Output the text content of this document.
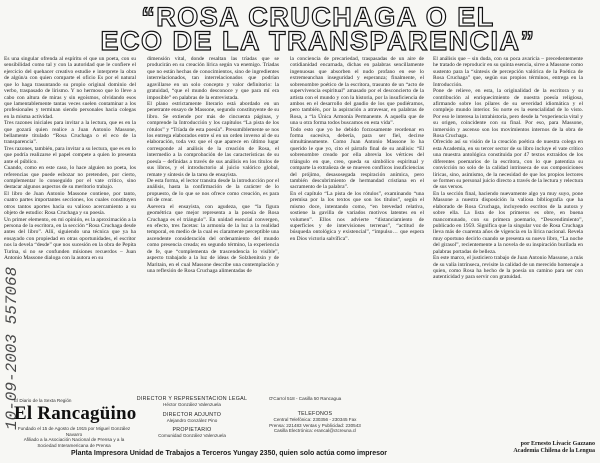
“ROSA CRUCHAGA O EL
ECO DE LA TRANSPARENCIA”

Es una singular ofrenda al espíritu el que un poeta, con su sensibilidad como tal y con la autoridad que le confiere el ejercicio del quehacer creativo estudie e interprete la obra de algún/a con quien comparte el oficio Es por el natural que lo haga trasuntando su propio original dominio del verbo, traspasado de lirismo. Y no hermoso que lo lleve a cabo con altura de miras y sin egoísmos, olvidando esos que lamentablemente tantas veces suelen contaminar a los profesionales y terminan siendo personales hacia colegas en la misma actividad.
Tres razones iniciales para invitar a la lectura, que es en la que gozará quien realice a Juan Antonio Massone, bellamente titulado “Rosa Cruchaga o el eco de la transparencia”.
Tres razones, también, para invitar a su lectura, que es en lo que podría realizarse el papel compete a quien lo presenta ante el público.
Cuando, como en este caso, lo hace alguien no poeta, los referencias que puede esbozar no pretenden, por cierto, complementar lo conseguido por el vate crítico, sino destacar algunos aspectos de su meritorio trabajo.
El libro de Juan Antonio Massone contiene, por tanto, cuatro partes importantes secciones, los cuales constituyen otros tantos aportes hacia su valioso acercamiento a su objeto de estudio: Rosa Cruchaga y su poesía.
Un primer elemento, en mi opinión, es la aproximación a la persona de la escritora, en la sección “Rosa Cruchaga desde antes del libro”. Allí, siguiendo una técnica que ya ha ensayado con propiedad en otras oportunidades, el escritor nos la devela “desde” que nos sucesión en la obra de Pepita Turina, si no se confunden mísiones recuerdos – Juan Antonio Massone dialoga con la autora en su

dimensión vital, donde resaltan las tríadas que se producirán en su creación lírica según va enemigo. Tríadas que no están hechas de conocimientos, sino de ingredientes interrelacionados, tan interrelacionados que podrían agavillarse en un solo concepto y valor definitorio: la gratuidad, “que el mundo desconoce y que para mí era imposible” en palabras de la entrevistada.
El plano estrictamente literario está abordado en un penetrante ensayo de Massone, segundo constituyente de su libro. Se extiende por más de cincuenta páginas, y comprende la Introducción y los capítulos “La pista de los rótulos” y “Tríada de esta poesía”. Presumiblemente se nos los entrega elaborados entre sí en un orden inverso al de su elaboración, toda vez que el que aparece en último lugar corresponde al análisis de la creación de Rosa, el intermedio a la comprobación de las características de su poesía – definidas a través de sus análisis en los títulos de sus libros, y el introductorio al juicio valórico global, remate y síntesis de la tarea de ensayista.
De esta forma, el lector transita desde la introducción por el análisis, hasta la confirmación de la carácter de lo propuesto, de lo que se nos ofrece como creación, es para mí de crear.
Asevera el ensayista, con agudeza, que “la figura geométrica que mejor representa a la poesía de Rosa Cruchaga es el triángulo”. En unidad esencial convergen, en efecto, tres facetas: la armonía de la luz a la realidad temporal, en medio de la cual es claramente perceptible una ascendente consideración del ordenamiento del mundo como presencia creada; en segundo término, la experiencia de fe, que “complementa de trascendencia lo visible”, aspecto trabajado a la luz de ideas de Solzhenitsin y de Maritain, en el cual Massone describe una contemplación y una reflexión de Rosa Cruchaga alimentadas de

la conciencia de precariedad, traspasadas de un aire de cotidianidad encarnada, dichas en palabras sencillamente ingenuosas que absorben el nudo profano en ese lo extremeanchan inseguridad y esperanza; finalmente, el sobrenombre poético de la escritora, trasunto de un “acto de supervivencia espiritual” amasado por el desconcierto de la artista con el mundo y con la historia, por la insuficiencia de ambos en el desarrollo del gaudio de los que pudiéramos, pero también, por la aspiración a atravesar, en palabras de Rosa, a “la Única Armonía Permanente. A aquella que de una u otra forma todos buscamos en esta vida”.
Todo esto que yo he debido forzosamente reordenar en forma sucesiva, debería, para ser fiel, decirse simultáneamente. Como Juan Antonio Massone lo ha querido le que yo, cito el párrafo final de su análisis: “El sobrenombre creado por ella abrevia los vértices del triángulo en que, creo, queda su simbólico espiritual y comparte la extrañeza de se mueven conflicos insuficiencias del prójimo, desasosegada respiración anímica, pero también descubrimiento de hermandad cristiana en el sacramento de la palabra”.
En el capítulo “La pista de los rótulos”, examinando “una premisa por la los textos que son los títulos”, según el mismo doce, intentando como, “en brevedad relativa, sostiene la gavilla de variados motivos latentes en el volumen”. Ellos nos advierte “distanciamiento de superficies y de intervisiones terrenas”, “actitud de búsqueda ontológica y existencial”, “impulso… que espera en Dios victoria salvífica”.

El análisis que – sin duda, con su poca avaricia – precedentemente he tratado de reproducir en su quinta esencia, sirve a Massone como sustento para la “síntesis de percepción valórica de la Poética de Rosa Cruchaga” que, según sus propios términos, entrega en la Introducción.
Pone de relieve, en esta, la originalidad de la escritora y su contribución al enriquecimiento de nuestra poesía religiosa, afirmando sobre los pilares de su severidad idiomática y el complejo mundo interior. Su norte es la esencialidad de lo visto. Por eso le interesa la intrahistoria, pero desde la “experiencia vital y su origen, coincidente con su final. Por eso, para Massone, inmersión y ascenso son los movimientos internos de la obra de Rosa Cruchaga.
Ofrecido así su visión de la creación poética de nuestra colega en esta Academia, en su tercer sector de su libro incluye el vate crítico una muestra antológica constituida por 47 textos extraídos de los diferentes poemarios de la escritora, con lo que patentiza su convicción no solo de la calidad intrínseca de sus composiciones líricas, sino, asimismo, de la necesidad de que los propios lectores se formen su personal juicio directo a través de la lectura y relectura de sus versos.
En la sección final, haciendo nuevamente algo ya muy suyo, pone Massone a nuestra disposición la valiosa bibliografía que ha elaborado de Rosa Cruchaga, incluyendo escritos de la autora y sobre ella. La lista de los primeros es obre, en buena mancomunado, con su primera poemario, “Descendimiento”, publicado en 1959. Significa que la singular voz de Rosa Cruchaga lleva más de cuarenta años de vigencia en la lírica nacional. Revela muy oportuno decirlo cuando se presenta su nuevo libro, “La noche del girasol”, recientemente a la novela de su inspiración burilada en palabras portadas de belleza.
En este marco, el justiciero trabajo de Juan Antonio Massone, a más de su valía intrínseca, revisite la calidad de un merecido homenaje a quien, como Rosa ha hecho de la poesía un camino para ser con autenticidad y para servir con gratuidad.

10-09-2003 557068

El Diario de la Sexta Región

El Rancagüino

Fundado el 15 de Agosto de 1915 por Miguel González Navarro

Afiliado a la Asociación Nacional de Prensa y a la Sociedad Interamericana de Prensa

DIRECTOR Y REPRESENTACION LEGAL

Héctor González Valenzuela

DIRECTOR ADJUNTO

Alejandro González Pino

PROPIETARIO

Comunidad González Valenzuela

O'Carrol 518 - Casilla 50 Rancagua

TELEFONOS

Central Telefónica: 230356 - 230345 Fax

Prensa: 221483 Ventas y Publicidad: 230543

Casilla Electrónica: erancal@ctcreuna.cl

Planta Impresora Unidad de Trabajos a Terceros Yungay 2350, quien solo actúa como impresor

por Ernesto Livacic Gazzano
Academia Chilena de la Lengua
